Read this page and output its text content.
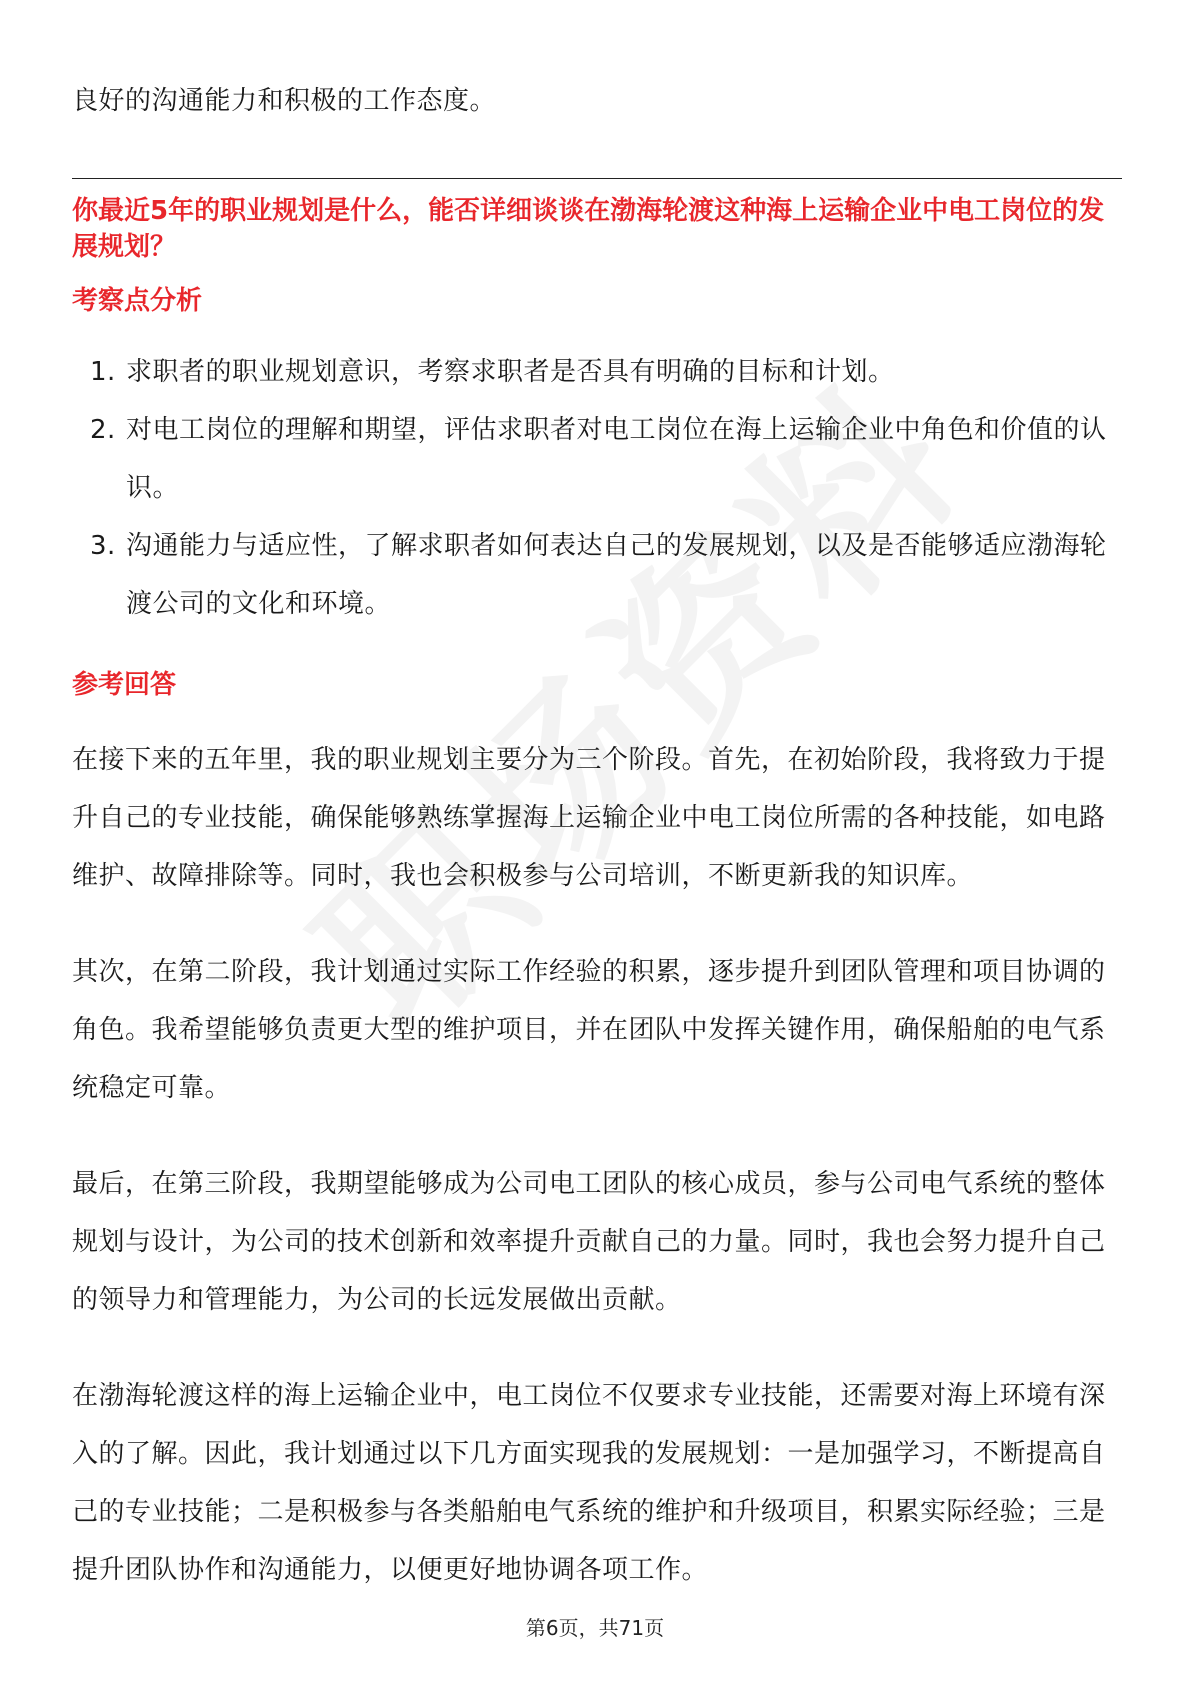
良好的沟通能力和积极的工作态度。

你最近5年的职业规划是什么，能否详细谈谈在渤海轮渡这种海上运输企业中电工岗位的发展规划？

考察点分析

1. 求职者的职业规划意识，考察求职者是否具有明确的目标和计划。
2. 对电工岗位的理解和期望，评估求职者对电工岗位在海上运输企业中角色和价值的认识。
3. 沟通能力与适应性，了解求职者如何表达自己的发展规划，以及是否能够适应渤海轮渡公司的文化和环境。

参考回答

在接下来的五年里，我的职业规划主要分为三个阶段。首先，在初始阶段，我将致力于提升自己的专业技能，确保能够熟练掌握海上运输企业中电工岗位所需的各种技能，如电路维护、故障排除等。同时，我也会积极参与公司培训，不断更新我的知识库。

其次，在第二阶段，我计划通过实际工作经验的积累，逐步提升到团队管理和项目协调的角色。我希望能够负责更大型的维护项目，并在团队中发挥关键作用，确保船舶的电气系统稳定可靠。

最后，在第三阶段，我期望能够成为公司电工团队的核心成员，参与公司电气系统的整体规划与设计，为公司的技术创新和效率提升贡献自己的力量。同时，我也会努力提升自己的领导力和管理能力，为公司的长远发展做出贡献。

在渤海轮渡这样的海上运输企业中，电工岗位不仅要求专业技能，还需要对海上环境有深入的了解。因此，我计划通过以下几方面实现我的发展规划：一是加强学习，不断提高自己的专业技能；二是积极参与各类船舶电气系统的维护和升级项目，积累实际经验；三是提升团队协作和沟通能力，以便更好地协调各项工作。

第6页，共71页
